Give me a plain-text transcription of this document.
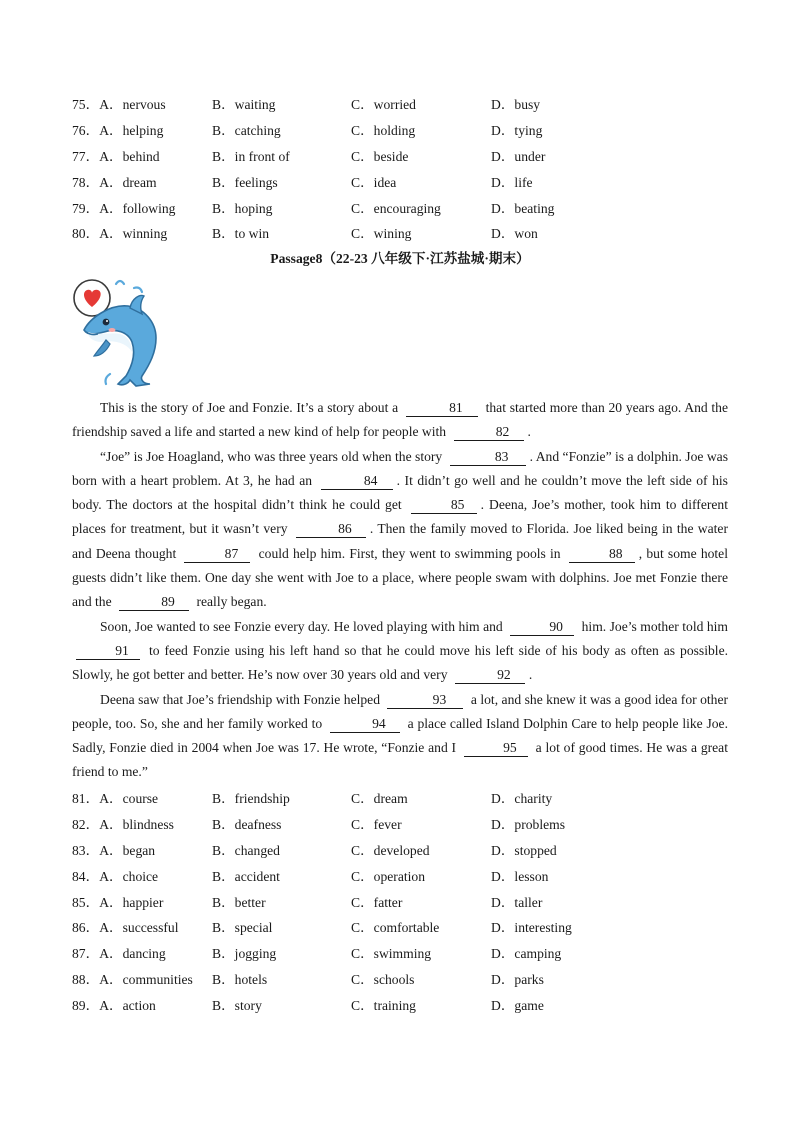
75．A．nervous	B．waiting	C．worried	D．busy
76．A．helping	B．catching	C．holding	D．tying
77．A．behind	B．in front of	C．beside	D．under
78．A．dream	B．feelings	C．idea	D．life
79．A．following	B．hoping	C．encouraging	D．beating
80．A．winning	B．to win	C．wining	D．won
Passage8（22-23 八年级下·江苏盐城·期末）

This is the story of Joe and Fonzie. It’s a story about a	81 that started more than 20 years ago. And the friendship saved a life and started a new kind of help for people with	82 .

“Joe” is Joe Hoagland, who was three years old when the story	83 . And “Fonzie” is a dolphin. Joe was born with a heart problem. At 3, he had an	84 . It didn’t go well and he couldn’t move the left side of his body. The doctors at the hospital didn’t think he could get	85 . Deena, Joe’s mother, took him to different places for treatment, but it wasn’t very	86 . Then the family moved to Florida. Joe liked being in the water and Deena thought	87 could help him. First, they went to swimming pools in	88 , but some hotel guests didn’t like them. One day she went with Joe to a place, where people swam with dolphins. Joe met Fonzie there and the	89 really began.

Soon, Joe wanted to see Fonzie every day. He loved playing with him and	90 him. Joe’s mother told him 91 to feed Fonzie using his left hand so that he could move his left side of his body as often as possible. Slowly, he got better and better. He’s now over 30 years old and very	92 .

Deena saw that Joe’s friendship with Fonzie helped	93 a lot, and she knew it was a good idea for other people, too. So, she and her family worked to	94 a place called Island Dolphin Care to help people like Joe. Sadly, Fonzie died in 2004 when Joe was 17. He wrote, “Fonzie and I	95 a lot of good times. He was a great friend to me.”

81．A．course	B．friendship	C．dream	D．charity
82．A．blindness	B．deafness	C．fever	D．problems
83．A．began	B．changed	C．developed	D．stopped
84．A．choice	B．accident	C．operation	D．lesson
85．A．happier	B．better	C．fatter	D．taller
86．A．successful B．special	C．comfortable	D．interesting
87．A．dancing	B．jogging	C．swimming	D．camping
88．A．communities B．hotels	C．schools	D．parks
89．A．action	B．story	C．training	D．game
